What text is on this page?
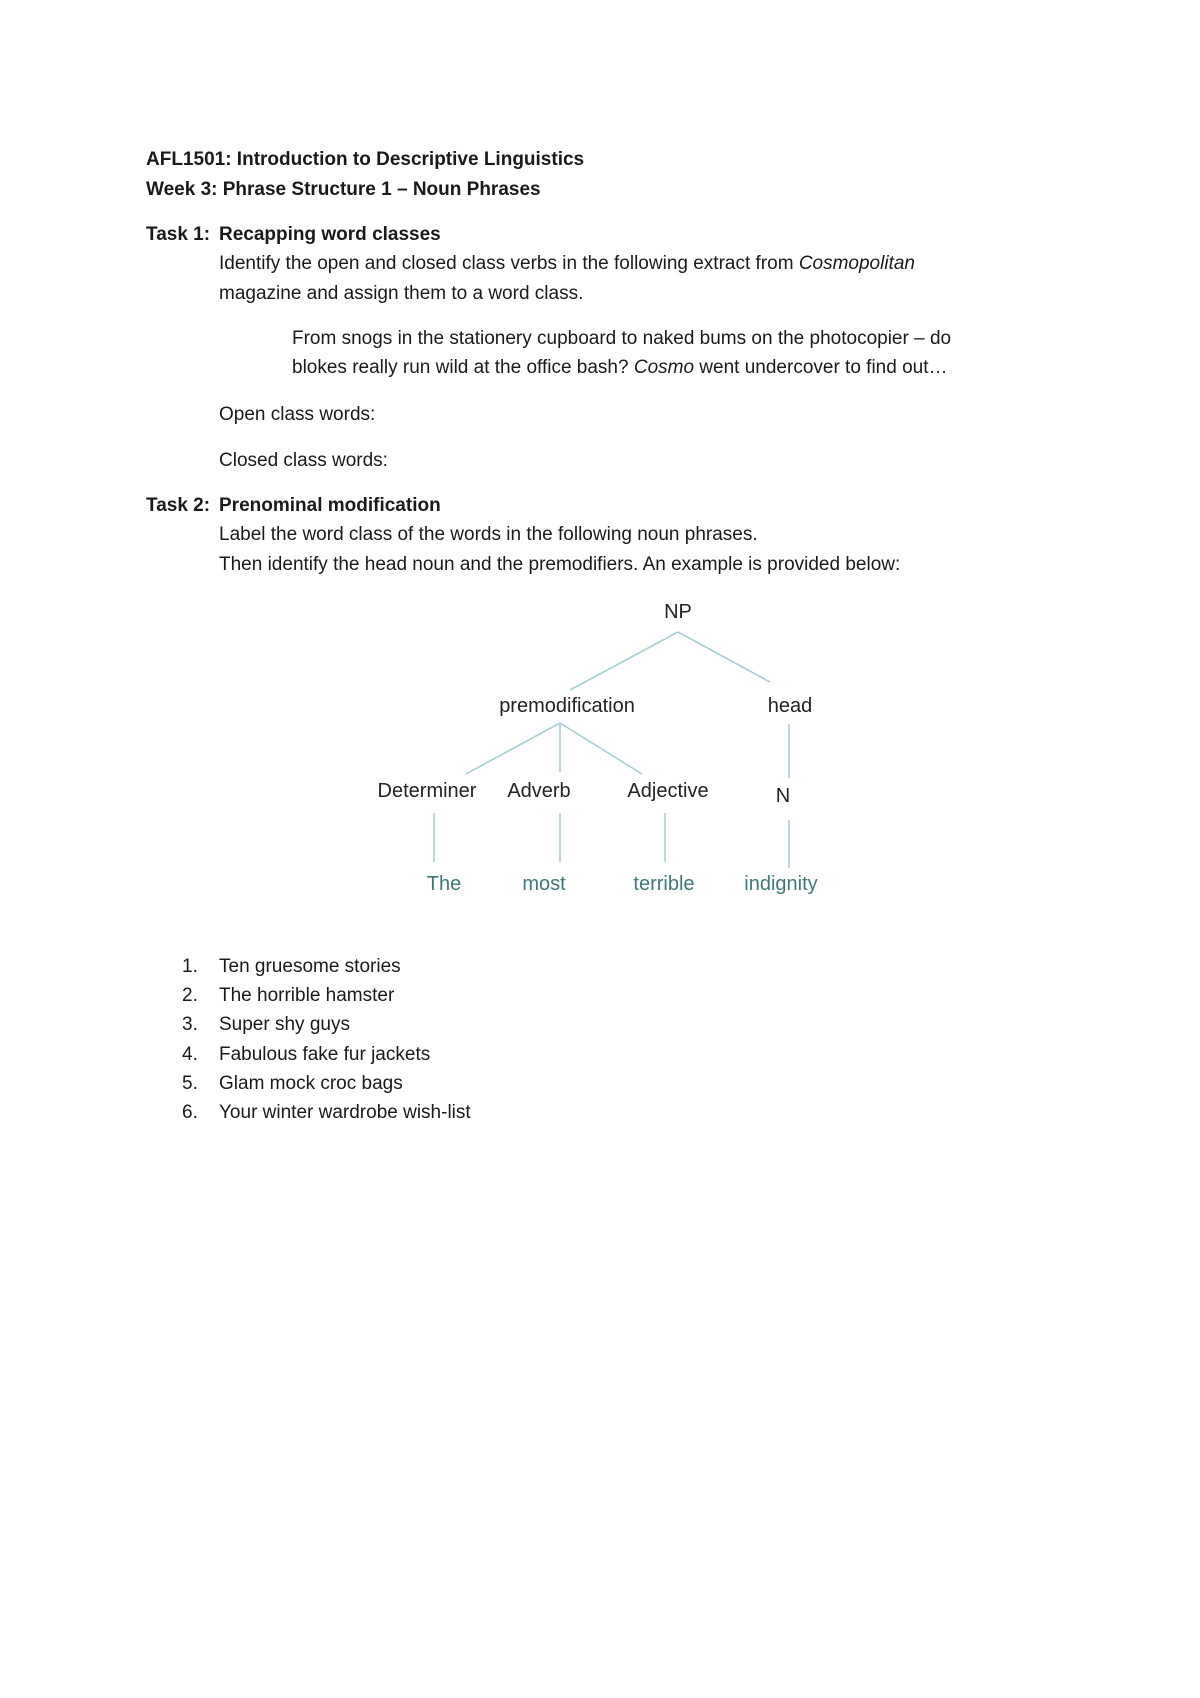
AFL1501: Introduction to Descriptive Linguistics
Week 3: Phrase Structure 1 – Noun Phrases
Task 1: Recapping word classes
Identify the open and closed class verbs in the following extract from Cosmopolitan
magazine and assign them to a word class.
From snogs in the stationery cupboard to naked bums on the photocopier – do
blokes really run wild at the office bash? Cosmo went undercover to find out…
Open class words:
Closed class words:
Task 2: Prenominal modification
Label the word class of the words in the following noun phrases.
Then identify the head noun and the premodifiers. An example is provided below:
NP
premodification	head
Determiner Adverb	Adjective	N
The	most	terrible indignity
1.	Ten gruesome stories
2.	The horrible hamster
3.	Super shy guys
4.	Fabulous fake fur jackets
5.	Glam mock croc bags
6.	Your winter wardrobe wish-list
